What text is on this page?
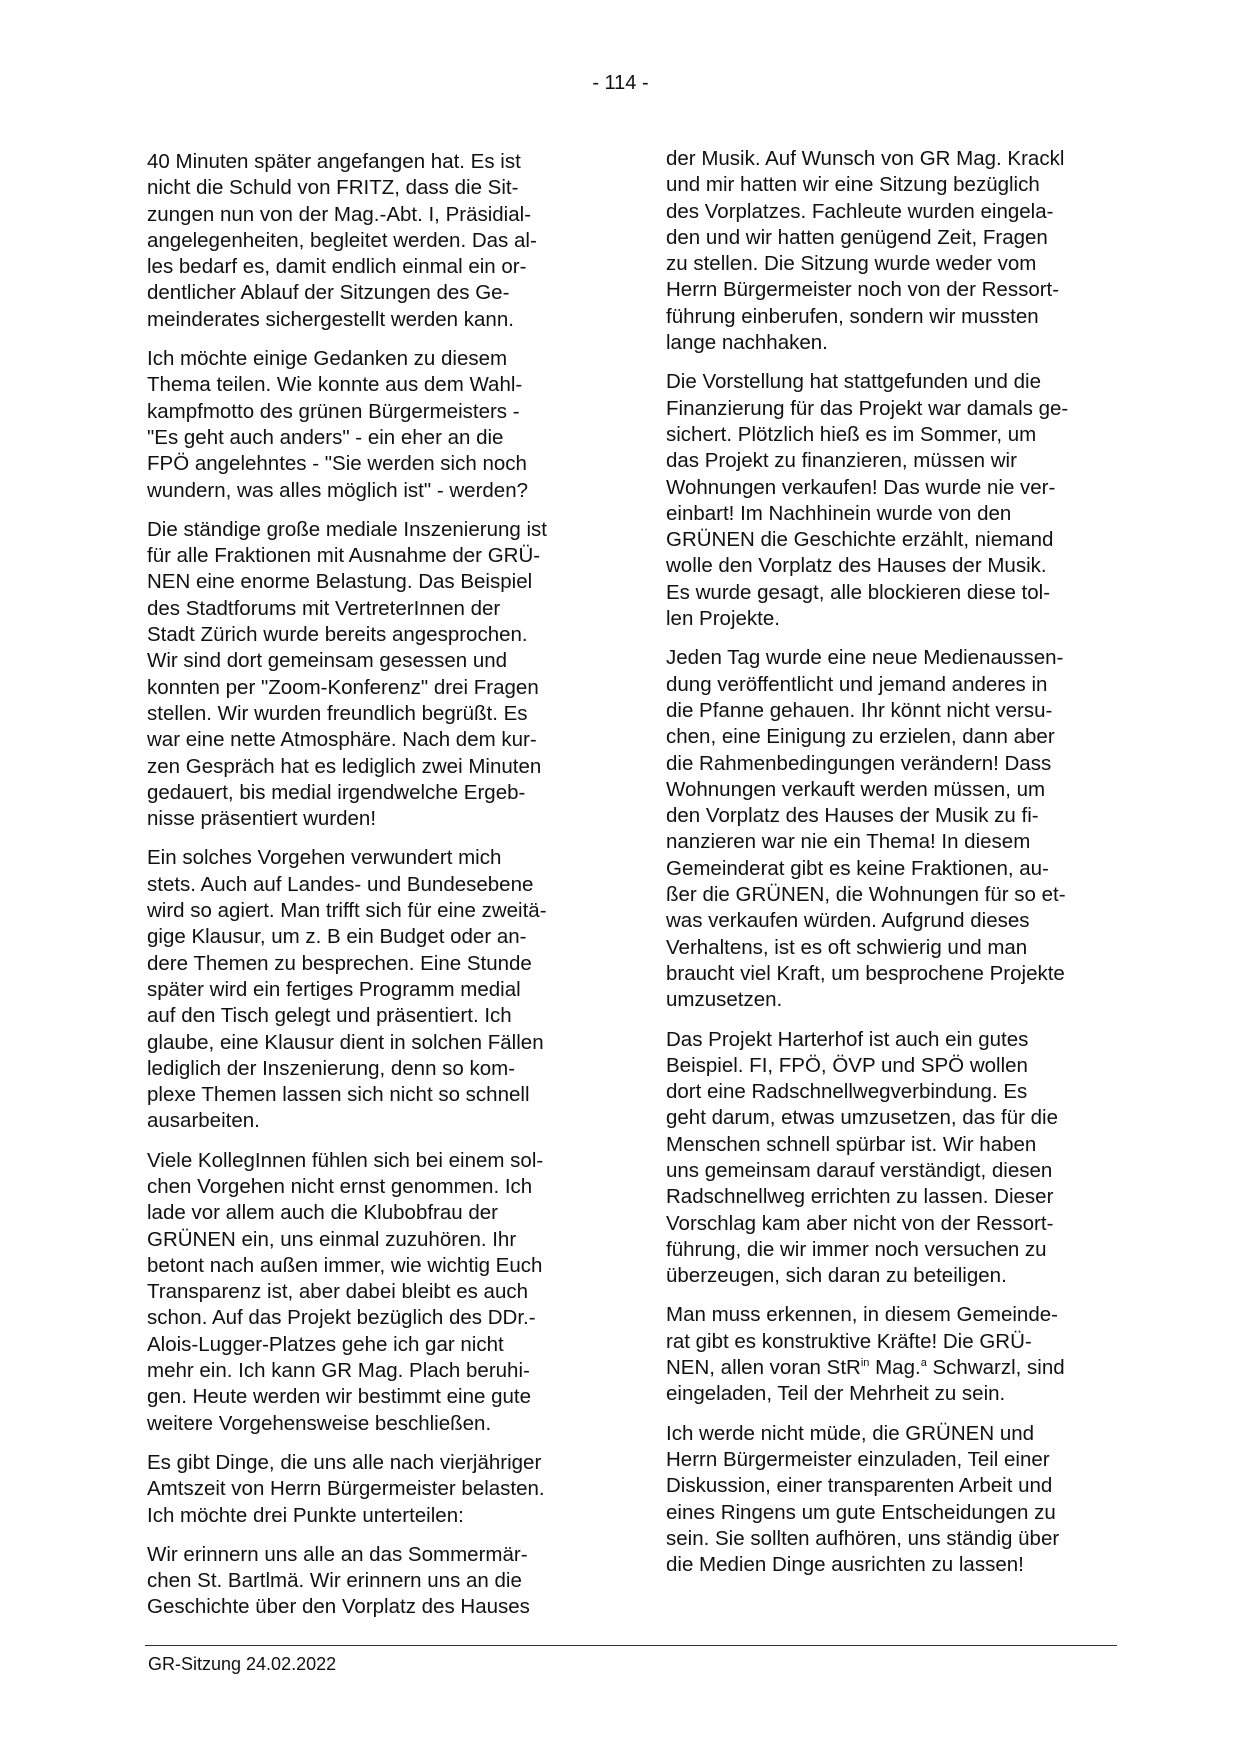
- 114 -

40 Minuten später angefangen hat. Es ist
nicht die Schuld von FRITZ, dass die Sit-
zungen nun von der Mag.-Abt. I, Präsidial-
angelegenheiten, begleitet werden. Das al-
les bedarf es, damit endlich einmal ein or-
dentlicher Ablauf der Sitzungen des Ge-
meinderates sichergestellt werden kann.

Ich möchte einige Gedanken zu diesem
Thema teilen. Wie konnte aus dem Wahl-
kampfmotto des grünen Bürgermeisters -
"Es geht auch anders" - ein eher an die
FPÖ angelehntes - "Sie werden sich noch
wundern, was alles möglich ist" - werden?

Die ständige große mediale Inszenierung ist
für alle Fraktionen mit Ausnahme der GRÜ-
NEN eine enorme Belastung. Das Beispiel
des Stadtforums mit VertreterInnen der
Stadt Zürich wurde bereits angesprochen.
Wir sind dort gemeinsam gesessen und
konnten per "Zoom-Konferenz" drei Fragen
stellen. Wir wurden freundlich begrüßt. Es
war eine nette Atmosphäre. Nach dem kur-
zen Gespräch hat es lediglich zwei Minuten
gedauert, bis medial irgendwelche Ergeb-
nisse präsentiert wurden!

Ein solches Vorgehen verwundert mich
stets. Auch auf Landes- und Bundesebene
wird so agiert. Man trifft sich für eine zweitä-
gige Klausur, um z. B ein Budget oder an-
dere Themen zu besprechen. Eine Stunde
später wird ein fertiges Programm medial
auf den Tisch gelegt und präsentiert. Ich
glaube, eine Klausur dient in solchen Fällen
lediglich der Inszenierung, denn so kom-
plexe Themen lassen sich nicht so schnell
ausarbeiten.

Viele KollegInnen fühlen sich bei einem sol-
chen Vorgehen nicht ernst genommen. Ich
lade vor allem auch die Klubobfrau der
GRÜNEN ein, uns einmal zuzuhören. Ihr
betont nach außen immer, wie wichtig Euch
Transparenz ist, aber dabei bleibt es auch
schon. Auf das Projekt bezüglich des DDr.-
Alois-Lugger-Platzes gehe ich gar nicht
mehr ein. Ich kann GR Mag. Plach beruhi-
gen. Heute werden wir bestimmt eine gute
weitere Vorgehensweise beschließen.

Es gibt Dinge, die uns alle nach vierjähriger
Amtszeit von Herrn Bürgermeister belasten.
Ich möchte drei Punkte unterteilen:

Wir erinnern uns alle an das Sommermär-
chen St. Bartlmä. Wir erinnern uns an die
Geschichte über den Vorplatz des Hauses

der Musik. Auf Wunsch von GR Mag. Krackl
und mir hatten wir eine Sitzung bezüglich
des Vorplatzes. Fachleute wurden eingela-
den und wir hatten genügend Zeit, Fragen
zu stellen. Die Sitzung wurde weder vom
Herrn Bürgermeister noch von der Ressort-
führung einberufen, sondern wir mussten
lange nachhaken.

Die Vorstellung hat stattgefunden und die
Finanzierung für das Projekt war damals ge-
sichert. Plötzlich hieß es im Sommer, um
das Projekt zu finanzieren, müssen wir
Wohnungen verkaufen! Das wurde nie ver-
einbart! Im Nachhinein wurde von den
GRÜNEN die Geschichte erzählt, niemand
wolle den Vorplatz des Hauses der Musik.
Es wurde gesagt, alle blockieren diese tol-
len Projekte.

Jeden Tag wurde eine neue Medienaussen-
dung veröffentlicht und jemand anderes in
die Pfanne gehauen. Ihr könnt nicht versu-
chen, eine Einigung zu erzielen, dann aber
die Rahmenbedingungen verändern! Dass
Wohnungen verkauft werden müssen, um
den Vorplatz des Hauses der Musik zu fi-
nanzieren war nie ein Thema! In diesem
Gemeinderat gibt es keine Fraktionen, au-
ßer die GRÜNEN, die Wohnungen für so et-
was verkaufen würden. Aufgrund dieses
Verhaltens, ist es oft schwierig und man
braucht viel Kraft, um besprochene Projekte
umzusetzen.

Das Projekt Harterhof ist auch ein gutes
Beispiel. FI, FPÖ, ÖVP und SPÖ wollen
dort eine Radschnellwegverbindung. Es
geht darum, etwas umzusetzen, das für die
Menschen schnell spürbar ist. Wir haben
uns gemeinsam darauf verständigt, diesen
Radschnellweg errichten zu lassen. Dieser
Vorschlag kam aber nicht von der Ressort-
führung, die wir immer noch versuchen zu
überzeugen, sich daran zu beteiligen.

Man muss erkennen, in diesem Gemeinde-
rat gibt es konstruktive Kräfte! Die GRÜ-
NEN, allen voran StR$^{in}$ Mag.$^a$ Schwarzl, sind
eingeladen, Teil der Mehrheit zu sein.

Ich werde nicht müde, die GRÜNEN und
Herrn Bürgermeister einzuladen, Teil einer
Diskussion, einer transparenten Arbeit und
eines Ringens um gute Entscheidungen zu
sein. Sie sollten aufhören, uns ständig über
die Medien Dinge ausrichten zu lassen!

GR-Sitzung 24.02.2022
